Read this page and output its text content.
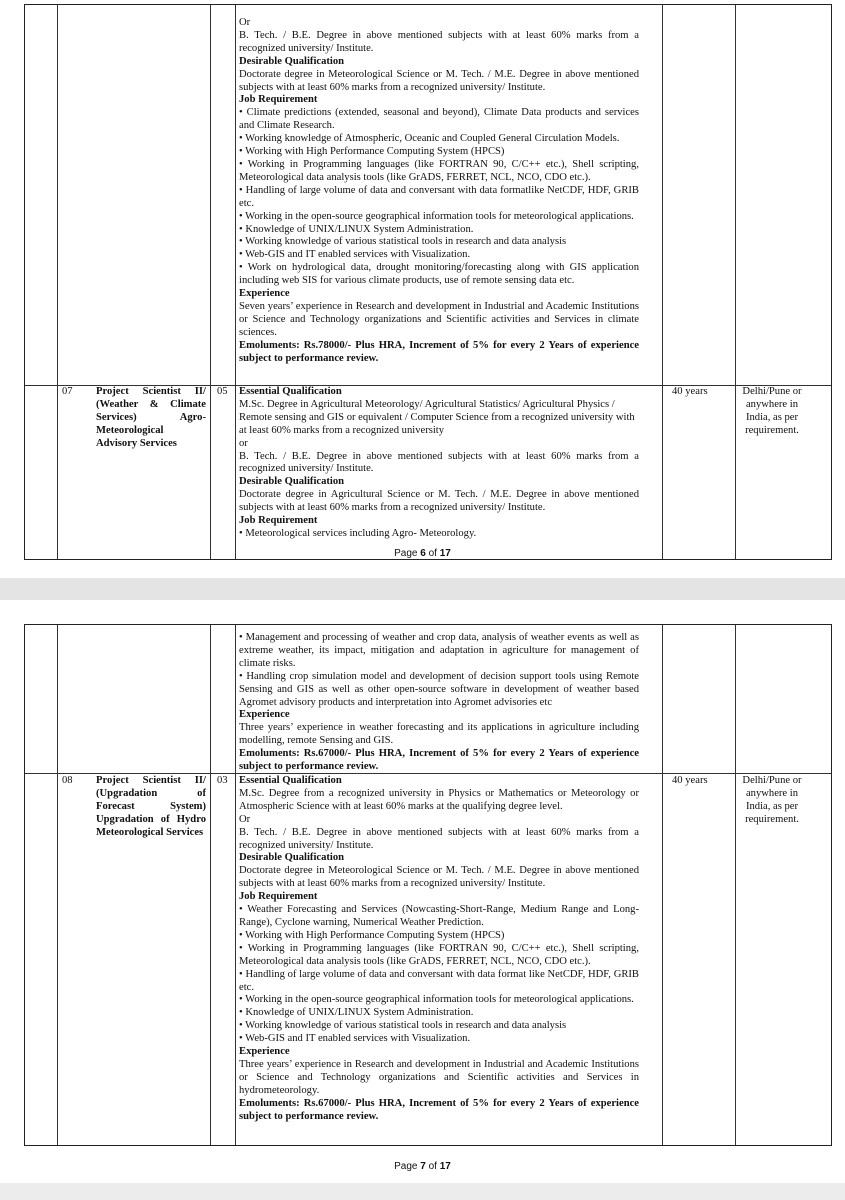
Or
B. Tech. / B.E. Degree in above mentioned subjects with at least 60% marks from a recognized university/ Institute.
Desirable Qualification
Doctorate degree in Meteorological Science or M. Tech. / M.E. Degree in above mentioned subjects with at least 60% marks from a recognized university/ Institute.
Job Requirement
• Climate predictions (extended, seasonal and beyond), Climate Data products and services and Climate Research.
• Working knowledge of Atmospheric, Oceanic and Coupled General Circulation Models.
• Working with High Performance Computing System (HPCS)
• Working in Programming languages (like FORTRAN 90, C/C++ etc.), Shell scripting, Meteorological data analysis tools (like GrADS, FERRET, NCL, NCO, CDO etc.).
• Handling of large volume of data and conversant with data formatlike NetCDF, HDF, GRIB etc.
• Working in the open-source geographical information tools for meteorological applications.
• Knowledge of UNIX/LINUX System Administration.
• Working knowledge of various statistical tools in research and data analysis
• Web-GIS and IT enabled services with Visualization.
• Work on hydrological data, drought monitoring/forecasting along with GIS application including web SIS for various climate products, use of remote sensing data etc.
Experience
Seven years’ experience in Research and development in Industrial and Academic Institutions or Science and Technology organizations and Scientific activities and Services in climate sciences.
Emoluments: Rs.78000/- Plus HRA, Increment of 5% for every 2 Years of experience subject to performance review.
07 Project Scientist II/ (Weather & Climate Services) Agro-Meteorological Advisory Services
05 Essential Qualification
M.Sc. Degree in Agricultural Meteorology/ Agricultural Statistics/ Agricultural Physics / Remote sensing and GIS or equivalent / Computer Science from a recognized university with at least 60% marks from a recognized university
or
B. Tech. / B.E. Degree in above mentioned subjects with at least 60% marks from a recognized university/ Institute.
Desirable Qualification
Doctorate degree in Agricultural Science or M. Tech. / M.E. Degree in above mentioned subjects with at least 60% marks from a recognized university/ Institute.
Job Requirement
• Meteorological services including Agro- Meteorology.
40 years	Delhi/Pune or anywhere in India, as per requirement.
Page 6 of 17
• Management and processing of weather and crop data, analysis of weather events as well as extreme weather, its impact, mitigation and adaptation in agriculture for management of climate risks.
• Handling crop simulation model and development of decision support tools using Remote Sensing and GIS as well as other open-source software in development of weather based Agromet advisory products and interpretation into Agromet advisories etc
Experience
Three years’ experience in weather forecasting and its applications in agriculture including modelling, remote Sensing and GIS.
Emoluments: Rs.67000/- Plus HRA, Increment of 5% for every 2 Years of experience subject to performance review.
08 Project Scientist II/ (Upgradation of Forecast System) Upgradation of Hydro Meteorological Services
03 Essential Qualification
M.Sc. Degree from a recognized university in Physics or Mathematics or Meteorology or Atmospheric Science with at least 60% marks at the qualifying degree level.
Or
B. Tech. / B.E. Degree in above mentioned subjects with at least 60% marks from a recognized university/ Institute.
Desirable Qualification
Doctorate degree in Meteorological Science or M. Tech. / M.E. Degree in above mentioned subjects with at least 60% marks from a recognized university/ Institute.
Job Requirement
• Weather Forecasting and Services (Nowcasting-Short-Range, Medium Range and Long-Range), Cyclone warning, Numerical Weather Prediction.
• Working with High Performance Computing System (HPCS)
• Working in Programming languages (like FORTRAN 90, C/C++ etc.), Shell scripting, Meteorological data analysis tools (like GrADS, FERRET, NCL, NCO, CDO etc.).
• Handling of large volume of data and conversant with data format like NetCDF, HDF, GRIB etc.
• Working in the open-source geographical information tools for meteorological applications.
• Knowledge of UNIX/LINUX System Administration.
• Working knowledge of various statistical tools in research and data analysis
• Web-GIS and IT enabled services with Visualization.
Experience
Three years’ experience in Research and development in Industrial and Academic Institutions or Science and Technology organizations and Scientific activities and Services in hydrometeorology.
Emoluments: Rs.67000/- Plus HRA, Increment of 5% for every 2 Years of experience subject to performance review.
40 years	Delhi/Pune or anywhere in India, as per requirement.
Page 7 of 17
